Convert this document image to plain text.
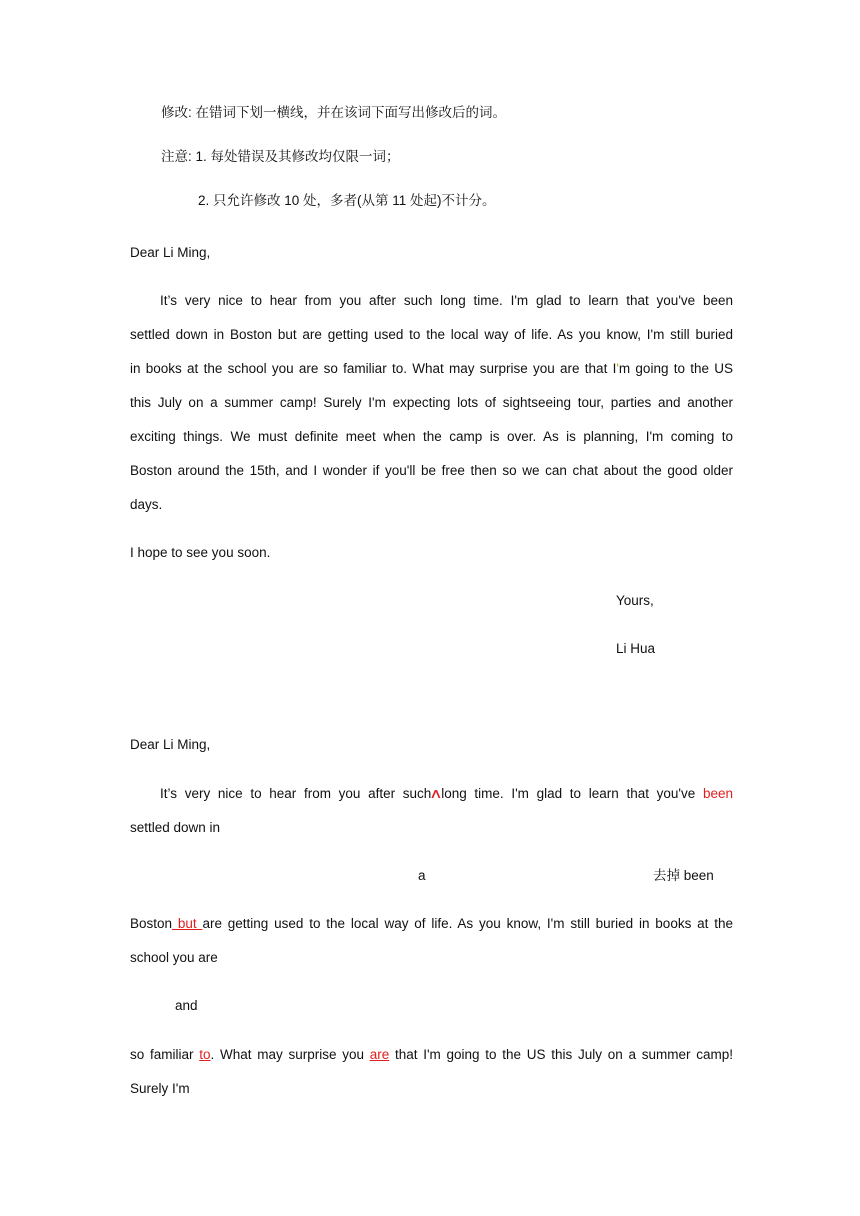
修改: 在错词下划一横线，并在该词下面写出修改后的词。
注意: 1. 每处错误及其修改均仅限一词；
2. 只允许修改 10 处，多者(从第 11 处起)不计分。
Dear Li Ming,
It’s very nice to hear from you after such long time. I'm glad to learn that you've been
settled down in Boston but are getting used to the local way of life. As you know, I'm still buried
in books at the school you are so familiar to. What may surprise you are that I'm going to the US
this July on a summer camp! Surely I'm expecting lots of sightseeing tour, parties and another
exciting things. We must definite meet when the camp is over. As is planning, I'm coming to
Boston around the 15th, and I wonder if you'll be free then so we can chat about the good older
days.
I hope to see you soon.
Yours,
Li Hua
Dear Li Ming,
It’s very nice to hear from you after such∧long time. I'm glad to learn that you've been
settled down in
a	去掉 been
Boston but are getting used to the local way of life. As you know, I'm still buried in books at the
school you are
and
so familiar to. What may surprise you are that I'm going to the US this July on a summer camp!
Surely I'm
